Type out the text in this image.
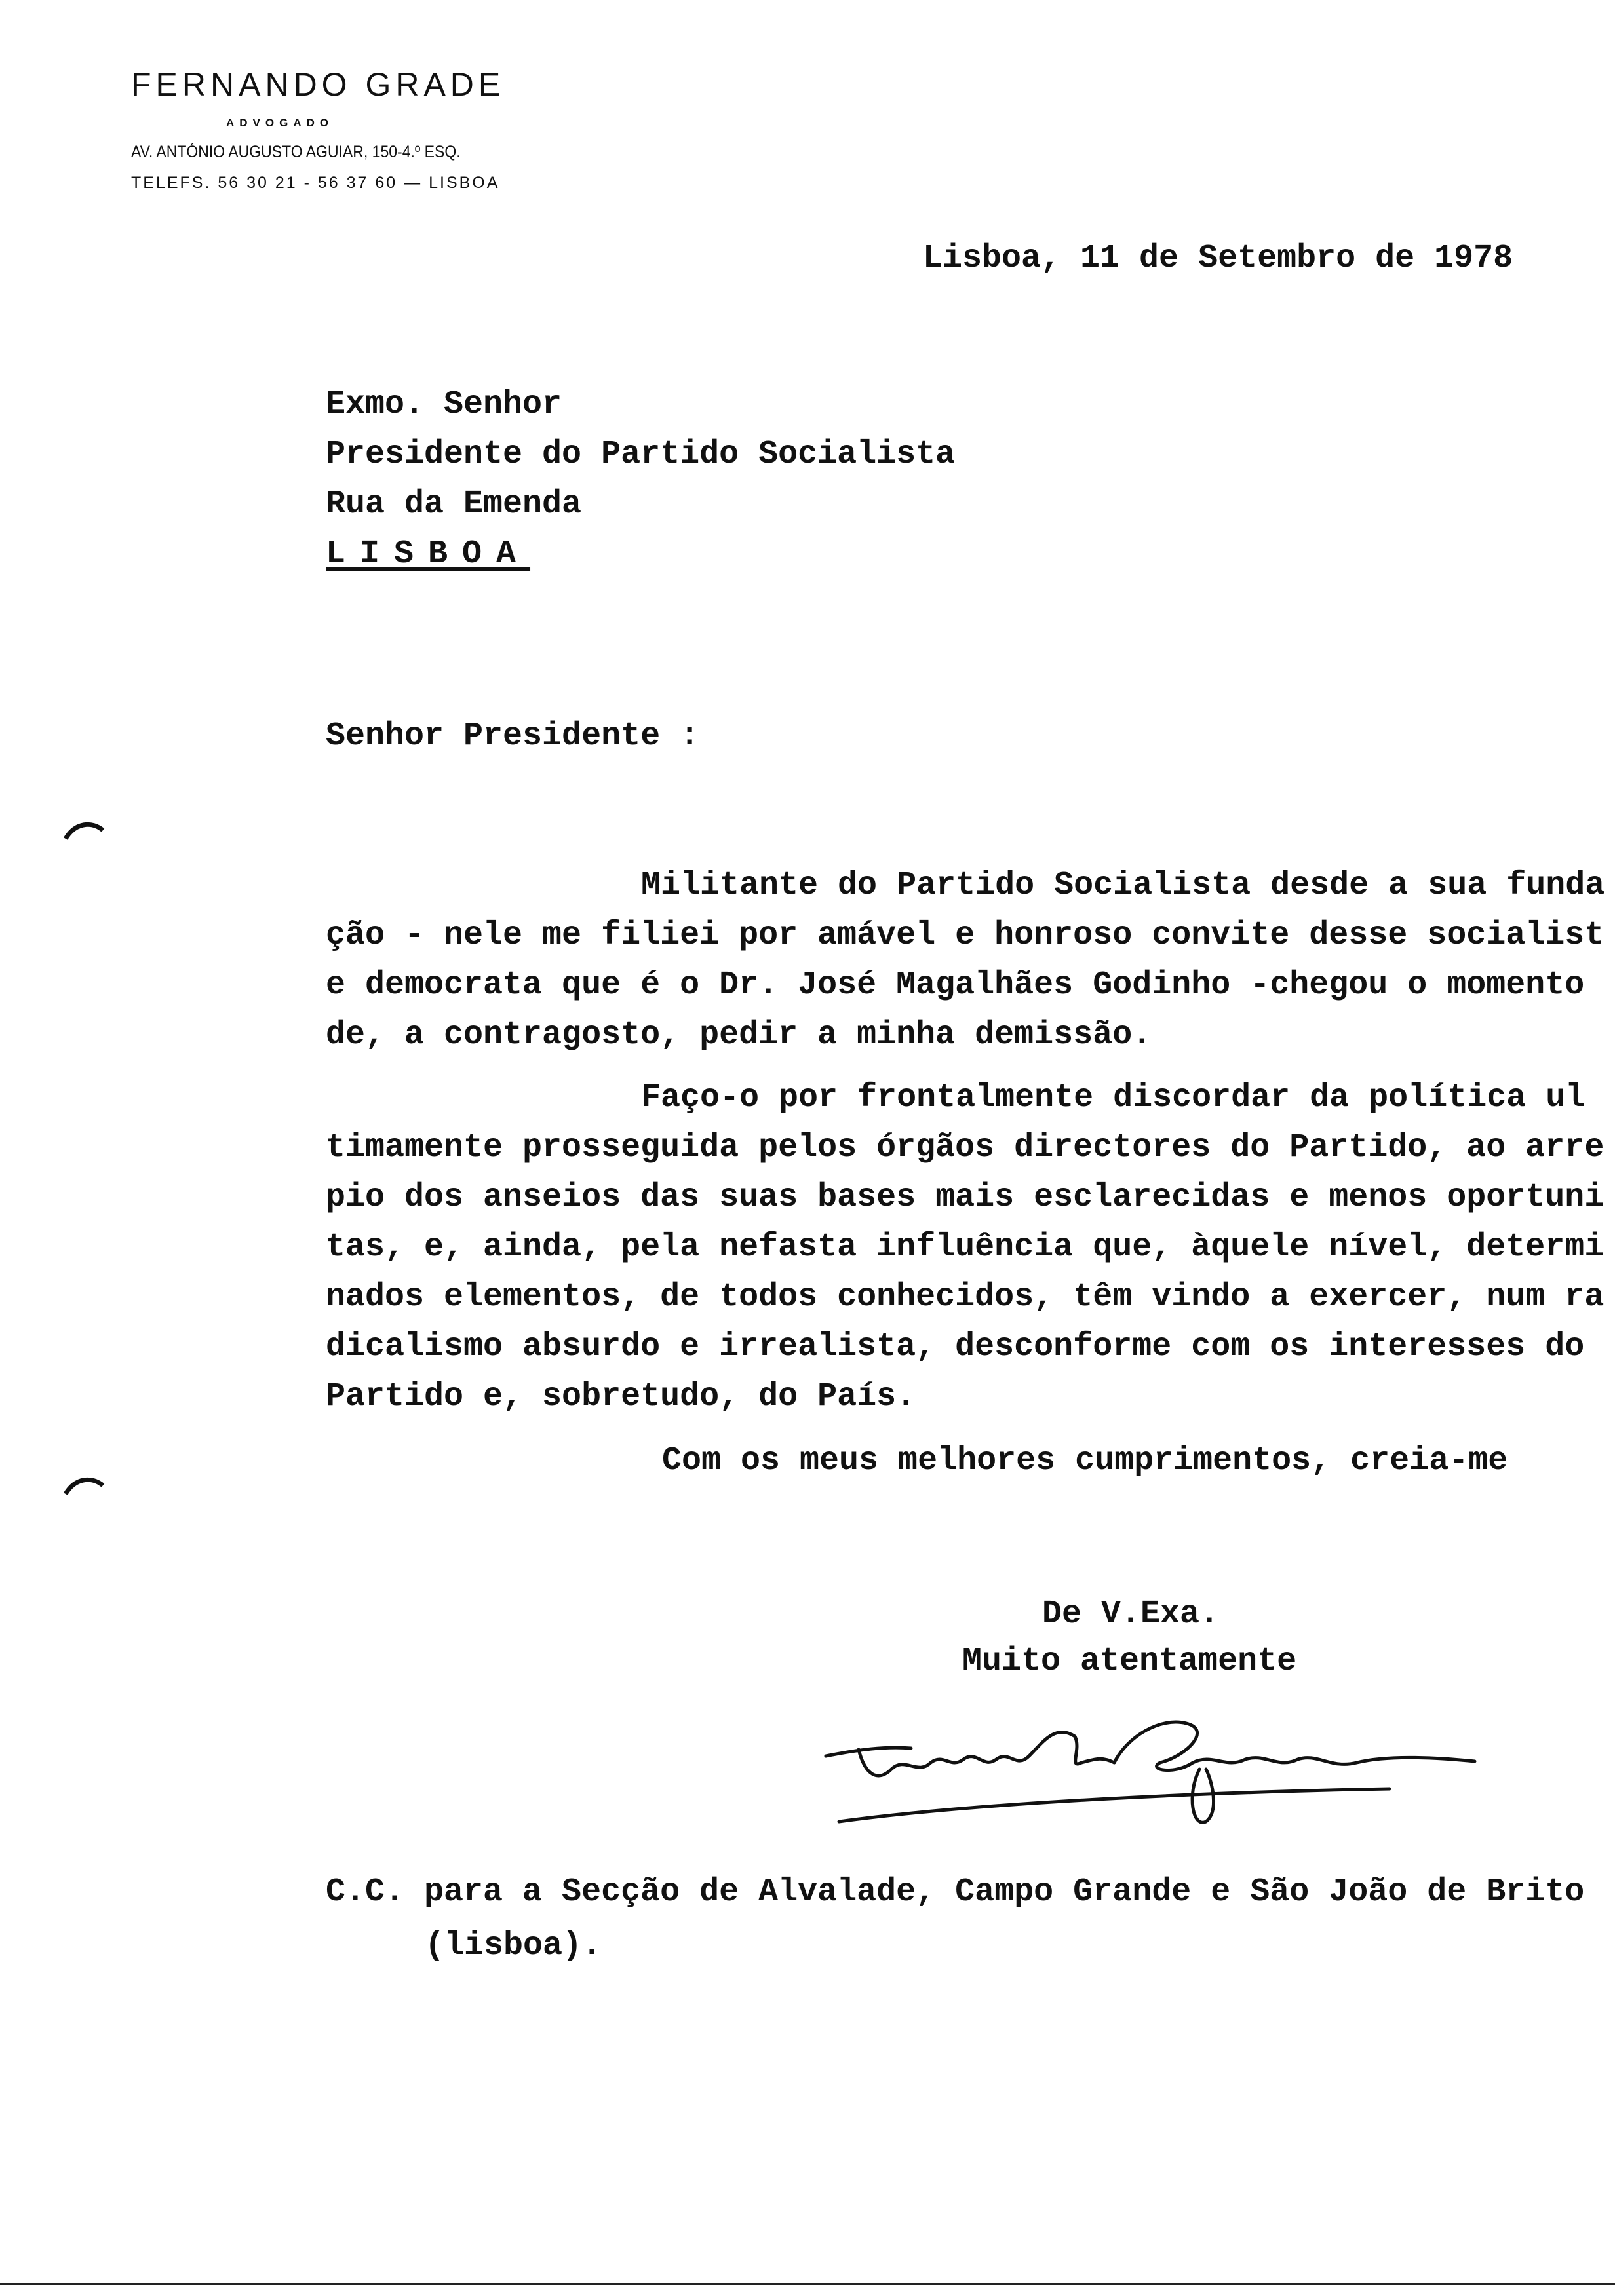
FERNANDO GRADE
ADVOGADO
AV. ANTÓNIO AUGUSTO AGUIAR, 150-4.º ESQ.
TELEFS. 56 30 21 - 56 37 60 — LISBOA
Lisboa, 11 de Setembro de 1978
Exmo. Senhor
Presidente do Partido Socialista
Rua da Emenda
LISBOA
Senhor Presidente :
Militante do Partido Socialista desde a sua funda
ção - nele me filiei por amável e honroso convite desse socialist
e democrata que é o Dr. José Magalhães Godinho -chegou o momento
de, a contragosto, pedir a minha demissão.
Faço-o por frontalmente discordar da política ul
timamente prosseguida pelos órgãos directores do Partido, ao arre
pio dos anseios das suas bases mais esclarecidas e menos oportuni
tas, e, ainda, pela nefasta influência que, àquele nível, determi
nados elementos, de todos conhecidos, têm vindo a exercer, num ra
dicalismo absurdo e irrealista, desconforme com os interesses do
Partido e, sobretudo, do País.
Com os meus melhores cumprimentos, creia-me
De V.Exa.
Muito atentamente
C.C. para a Secção de Alvalade, Campo Grande e São João de Brito
(lisboa).
